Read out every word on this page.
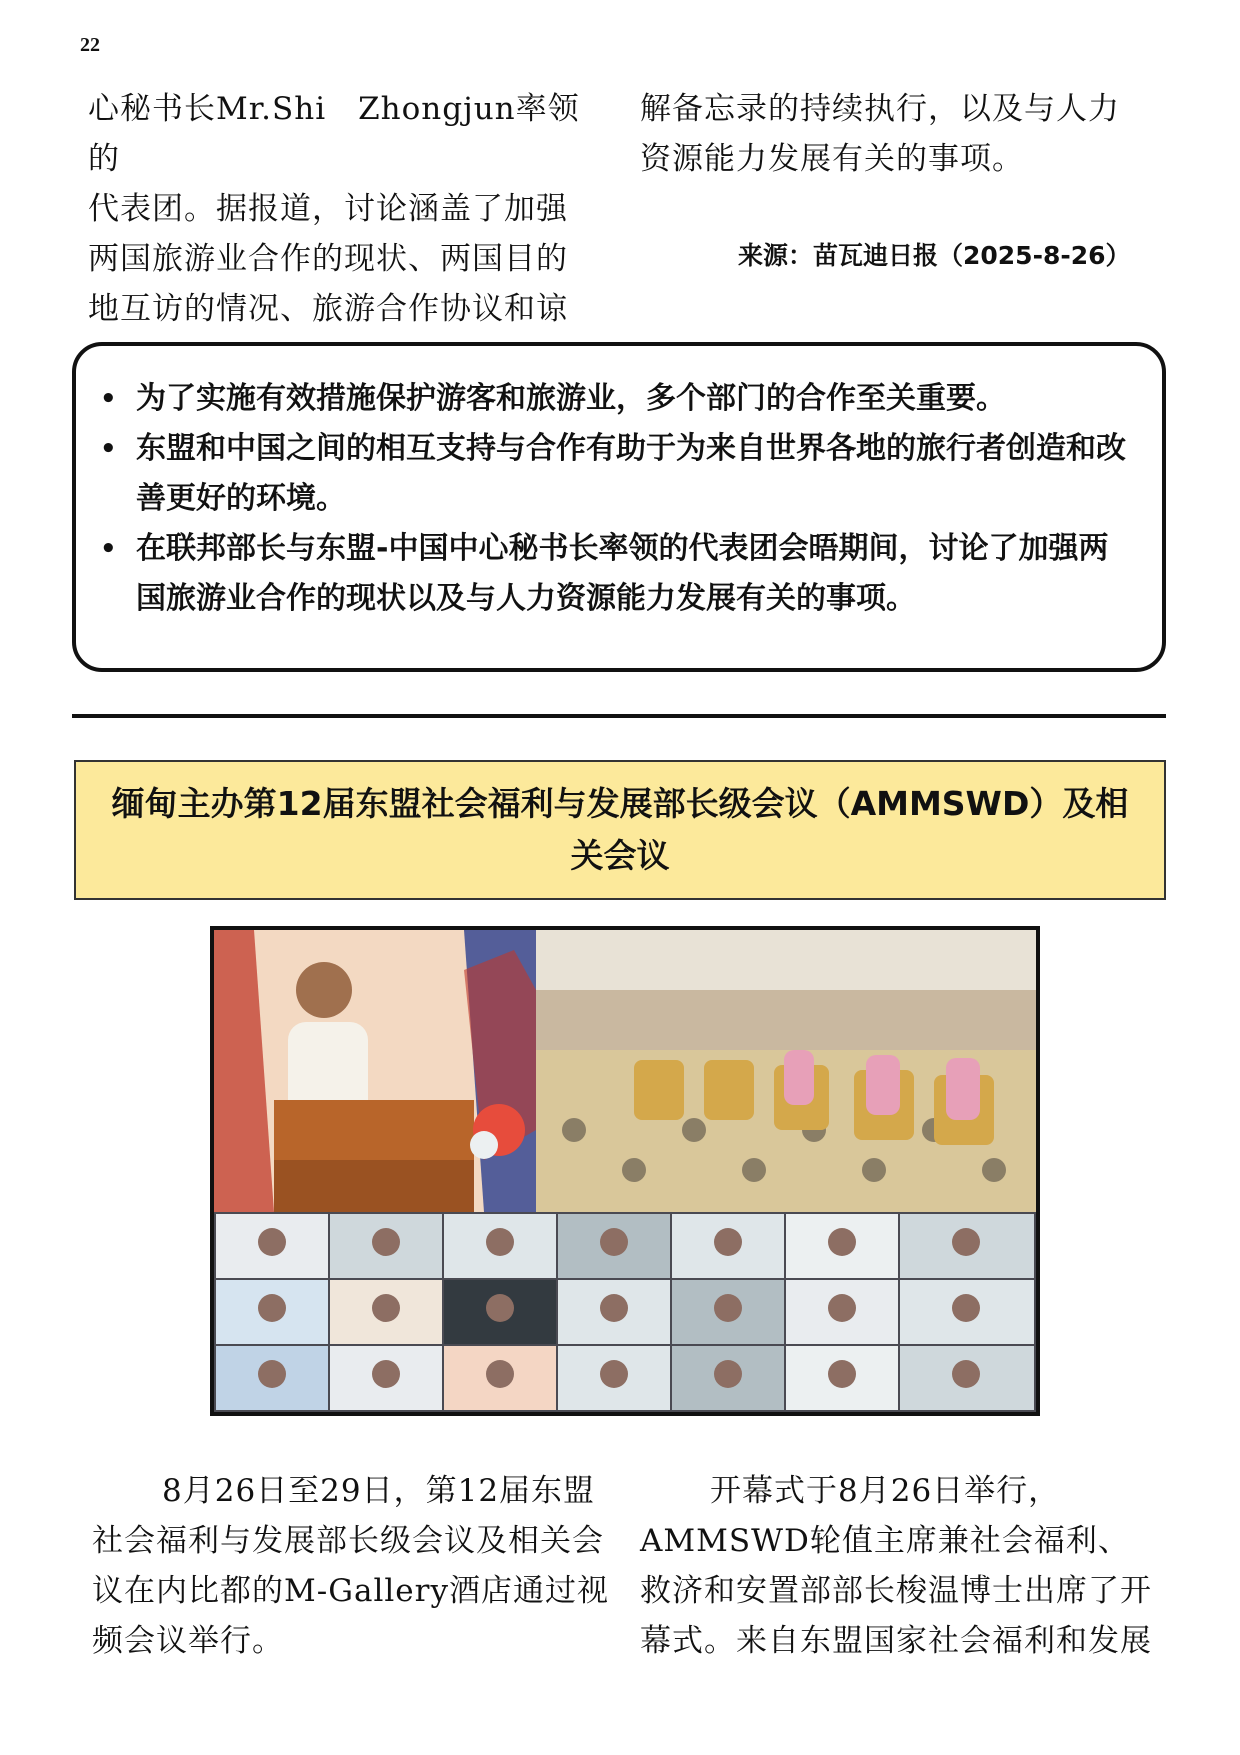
22
心秘书长Mr.Shi　Zhongjun率领的
代表团。据报道，讨论涵盖了加强
两国旅游业合作的现状、两国目的
地互访的情况、旅游合作协议和谅
解备忘录的持续执行，以及与人力
资源能力发展有关的事项。
来源：苗瓦迪日报（2025-8-26）
• 为了实施有效措施保护游客和旅游业，多个部门的合作至关重要。
• 东盟和中国之间的相互支持与合作有助于为来自世界各地的旅行者创造和改善更好的环境。
• 在联邦部长与东盟-中国中心秘书长率领的代表团会晤期间，讨论了加强两国旅游业合作的现状以及与人力资源能力发展有关的事项。
缅甸主办第12届东盟社会福利与发展部长级会议（AMMSWD）及相关会议
8月26日至29日，第12届东盟社会福利与发展部长级会议及相关会议在内比都的M-Gallery酒店通过视频会议举行。
开幕式于8月26日举行，AMMSWD轮值主席兼社会福利、救济和安置部部长梭温博士出席了开幕式。来自东盟国家社会福利和发展
